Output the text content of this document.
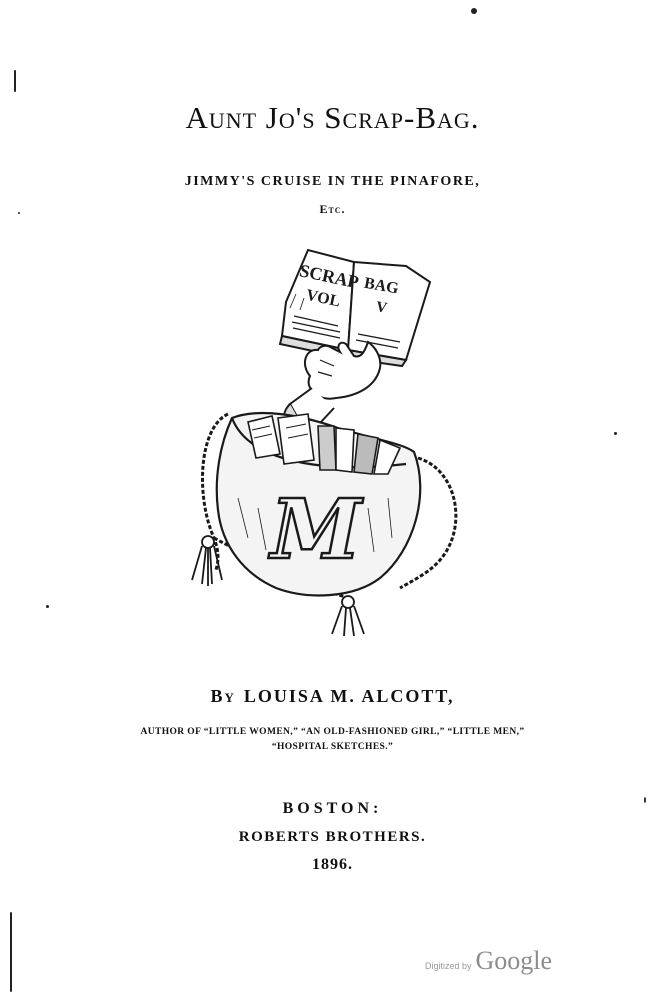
Aunt Jo's Scrap-Bag.
JIMMY'S CRUISE IN THE PINAFORE,
Etc.
SCRAP
VOL
BAG
V
M
By LOUISA M. ALCOTT,
AUTHOR OF “LITTLE WOMEN,” “AN OLD-FASHIONED GIRL,” “LITTLE MEN,”
“HOSPITAL SKETCHES.”
BOSTON:
ROBERTS BROTHERS.
1896.
Digitized by Google
